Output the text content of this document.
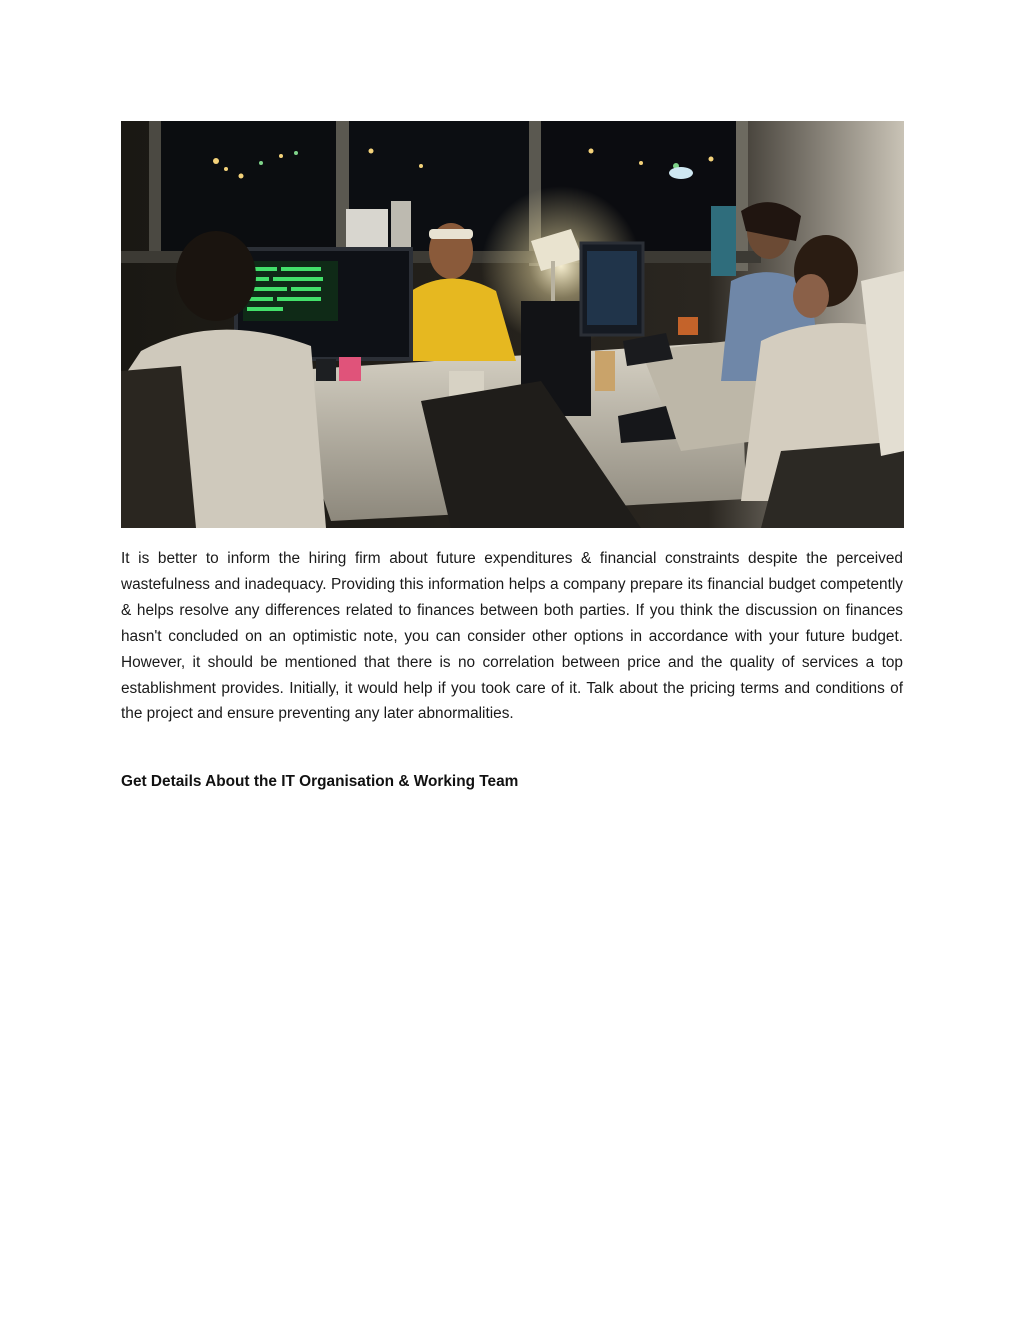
It is better to inform the hiring firm about future expenditures & financial constraints despite the perceived wastefulness and inadequacy. Providing this information helps a company prepare its financial budget competently & helps resolve any differences related to finances between both parties. If you think the discussion on finances hasn't concluded on an optimistic note, you can consider other options in accordance with your future budget. However, it should be mentioned that there is no correlation between price and the quality of services a top establishment provides. Initially, it would help if you took care of it. Talk about the pricing terms and conditions of the project and ensure preventing any later abnormalities.

Get Details About the IT Organisation & Working Team
